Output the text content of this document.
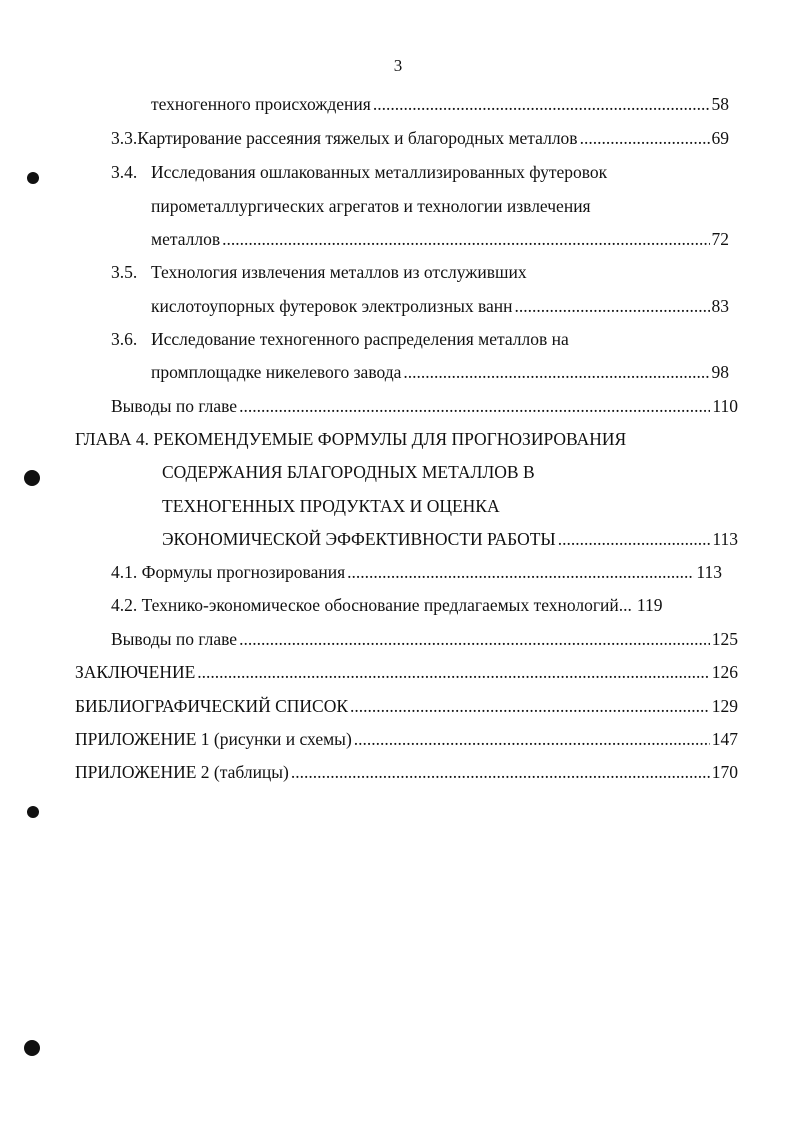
3
техногенного происхождения .....	58
3.3. Картирование рассеяния тяжелых и благородных металлов .....	69
3.4. Исследования ошлакованных металлизированных футеровок
пирометаллургических агрегатов и технологии извлечения
металлов .....	72
3.5. Технология извлечения металлов из отслуживших
кислотоупорных футеровок электролизных ванн .....	83
3.6. Исследование техногенного распределения металлов на
промплощадке никелевого завода .....	98
Выводы по главе .....	110
ГЛАВА 4. РЕКОМЕНДУЕМЫЕ ФОРМУЛЫ ДЛЯ ПРОГНОЗИРОВАНИЯ
СОДЕРЖАНИЯ БЛАГОРОДНЫХ МЕТАЛЛОВ В
ТЕХНОГЕННЫХ ПРОДУКТАХ И ОЦЕНКА
ЭКОНОМИЧЕСКОЙ ЭФФЕКТИВНОСТИ РАБОТЫ .....	113
4.1. Формулы прогнозирования .....	113
4.2. Технико-экономическое обоснование предлагаемых технологий... 119
Выводы по главе .....	125
ЗАКЛЮЧЕНИЕ .....	126
БИБЛИОГРАФИЧЕСКИЙ СПИСОК .....	129
ПРИЛОЖЕНИЕ 1 (рисунки и схемы) .....	147
ПРИЛОЖЕНИЕ 2 (таблицы) .....	170
